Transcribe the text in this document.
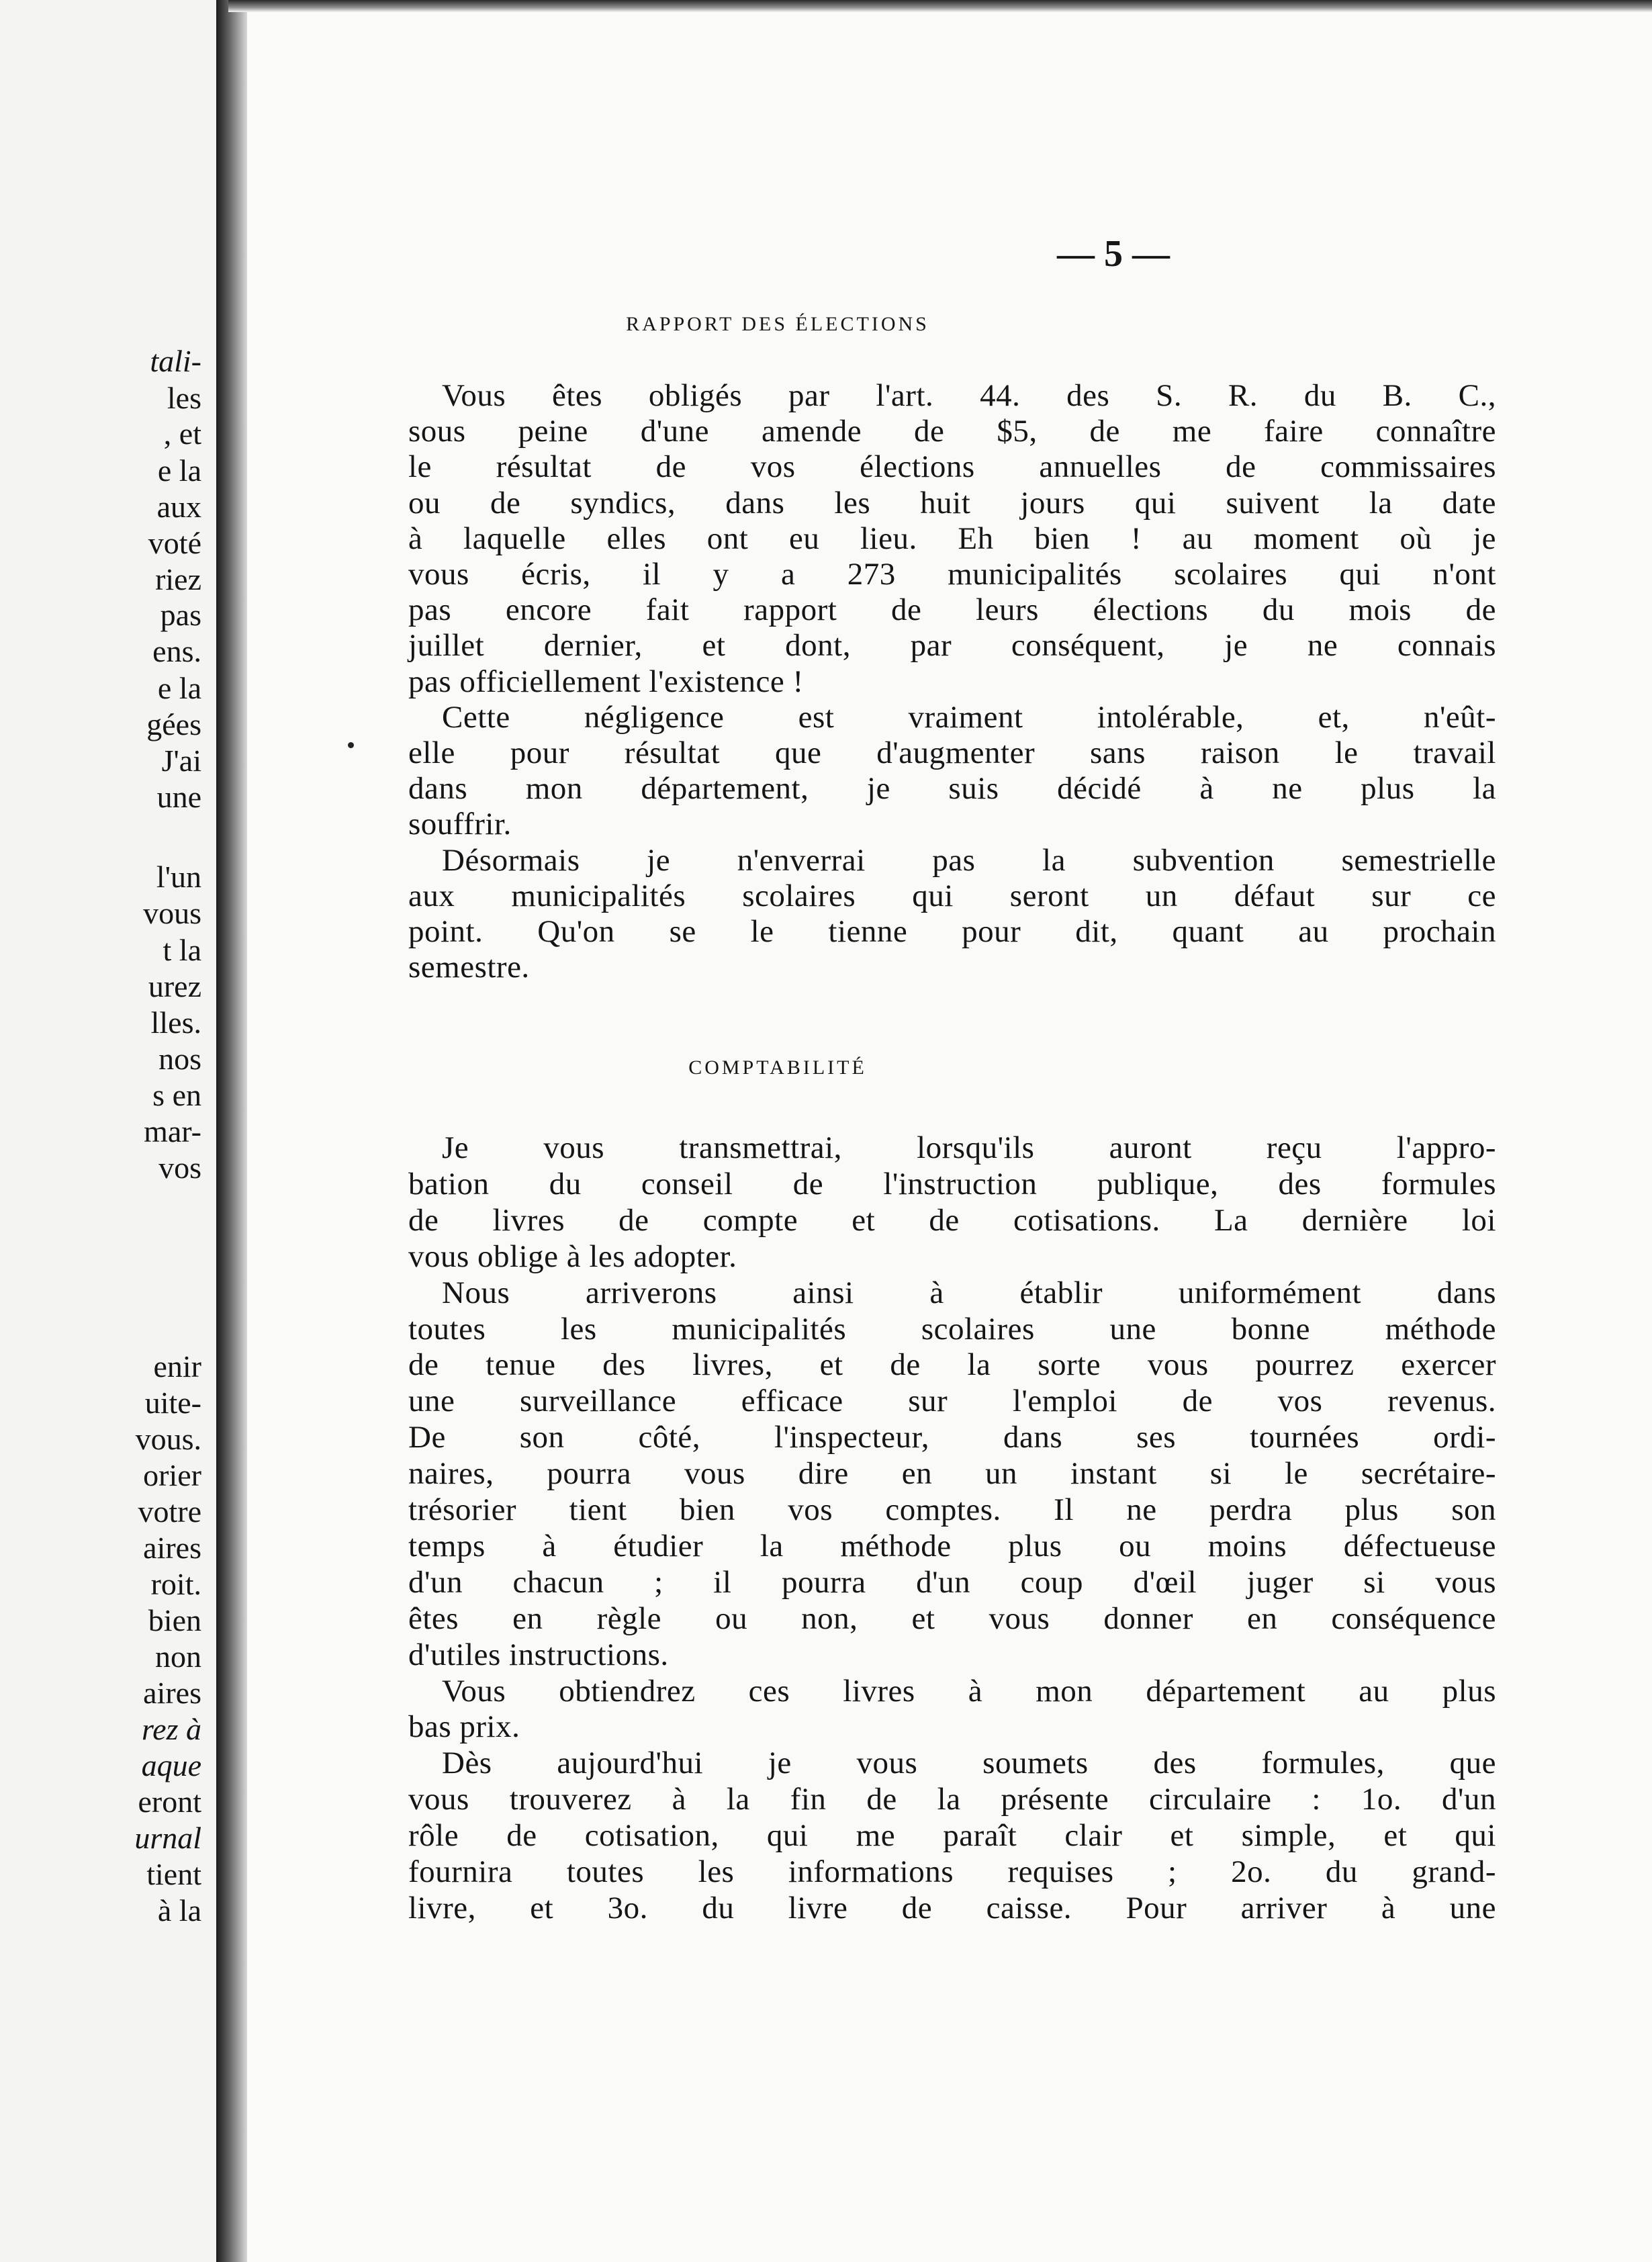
tali-
les
, et
e la
aux
voté
riez
pas
ens.
e la
gées
J'ai
une
l'un
vous
t la
urez
lles.
nos
s en
mar-
vos
enir
uite-
vous.
orier
votre
aires
roit.
bien
non
aires
rez à
aque
eront
urnal
tient
à la
— 5 —
RAPPORT DES ÉLECTIONS
COMPTABILITÉ
Vous êtes obligés par l'art. 44. des S. R. du B. C.,
sous peine d'une amende de $5, de me faire connaître
le résultat de vos élections annuelles de commissaires
ou de syndics, dans les huit jours qui suivent la date
à laquelle elles ont eu lieu. Eh bien ! au moment où je
vous écris, il y a 273 municipalités scolaires qui n'ont
pas encore fait rapport de leurs élections du mois de
juillet dernier, et dont, par conséquent, je ne connais
pas officiellement l'existence !
Cette négligence est vraiment intolérable, et, n'eût-
elle pour résultat que d'augmenter sans raison le travail
dans mon département, je suis décidé à ne plus la
souffrir.
Désormais je n'enverrai pas la subvention semestrielle
aux municipalités scolaires qui seront un défaut sur ce
point. Qu'on se le tienne pour dit, quant au prochain
semestre.
Je vous transmettrai, lorsqu'ils auront reçu l'appro-
bation du conseil de l'instruction publique, des formules
de livres de compte et de cotisations. La dernière loi
vous oblige à les adopter.
Nous arriverons ainsi à établir uniformément dans
toutes les municipalités scolaires une bonne méthode
de tenue des livres, et de la sorte vous pourrez exercer
une surveillance efficace sur l'emploi de vos revenus.
De son côté, l'inspecteur, dans ses tournées ordi-
naires, pourra vous dire en un instant si le secrétaire-
trésorier tient bien vos comptes. Il ne perdra plus son
temps à étudier la méthode plus ou moins défectueuse
d'un chacun ; il pourra d'un coup d'œil juger si vous
êtes en règle ou non, et vous donner en conséquence
d'utiles instructions.
Vous obtiendrez ces livres à mon département au plus
bas prix.
Dès aujourd'hui je vous soumets des formules, que
vous trouverez à la fin de la présente circulaire : 1o. d'un
rôle de cotisation, qui me paraît clair et simple, et qui
fournira toutes les informations requises ; 2o. du grand-
livre, et 3o. du livre de caisse. Pour arriver à une
